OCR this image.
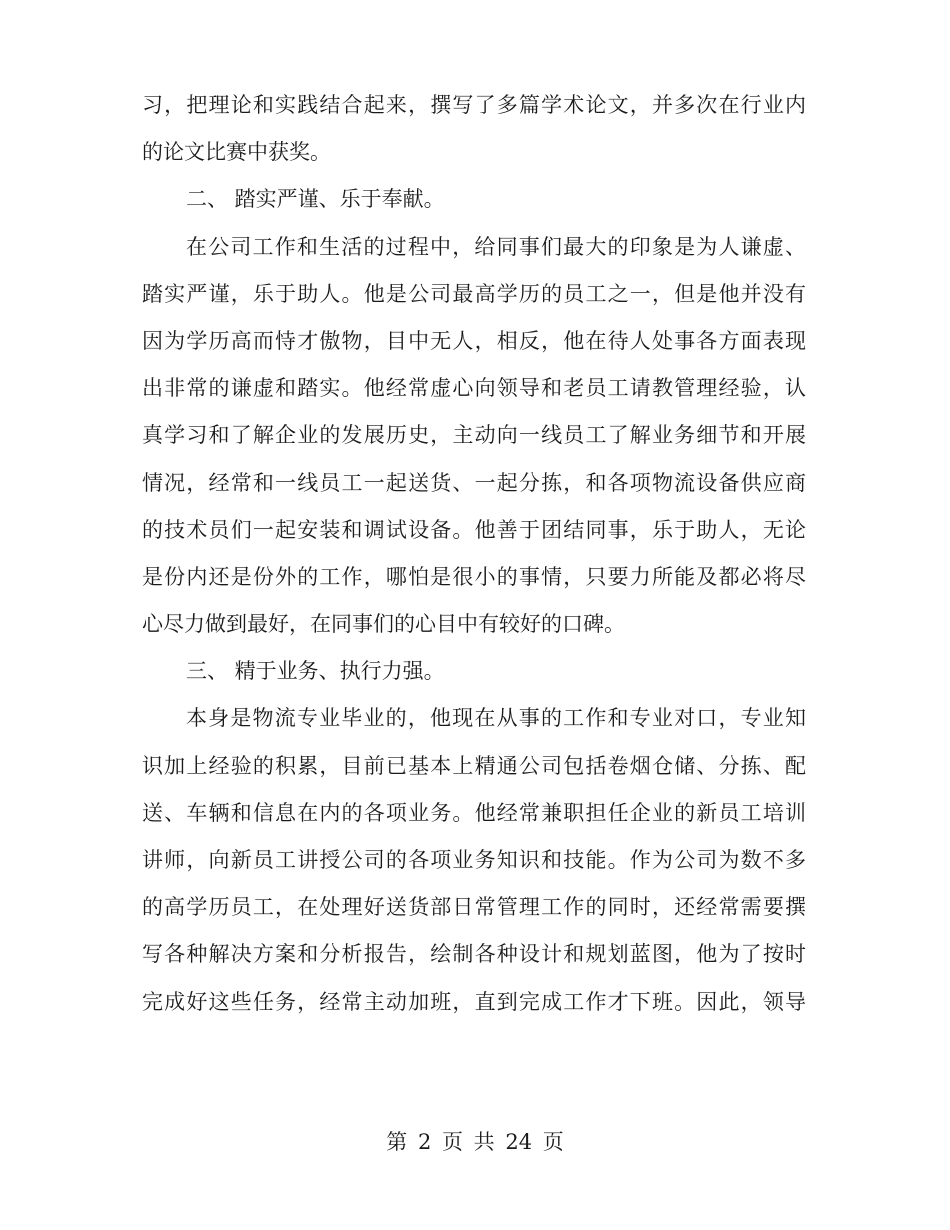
习，把理论和实践结合起来，撰写了多篇学术论文，并多次在行业内
的论文比赛中获奖。
二、 踏实严谨、乐于奉献。
在公司工作和生活的过程中，给同事们最大的印象是为人谦虚、
踏实严谨，乐于助人。他是公司最高学历的员工之一，但是他并没有
因为学历高而恃才傲物，目中无人，相反，他在待人处事各方面表现
出非常的谦虚和踏实。他经常虚心向领导和老员工请教管理经验，认
真学习和了解企业的发展历史，主动向一线员工了解业务细节和开展
情况，经常和一线员工一起送货、一起分拣，和各项物流设备供应商
的技术员们一起安装和调试设备。他善于团结同事，乐于助人，无论
是份内还是份外的工作，哪怕是很小的事情，只要力所能及都必将尽
心尽力做到最好，在同事们的心目中有较好的口碑。
三、 精于业务、执行力强。
本身是物流专业毕业的，他现在从事的工作和专业对口，专业知
识加上经验的积累，目前已基本上精通公司包括卷烟仓储、分拣、配
送、车辆和信息在内的各项业务。他经常兼职担任企业的新员工培训
讲师，向新员工讲授公司的各项业务知识和技能。作为公司为数不多
的高学历员工，在处理好送货部日常管理工作的同时，还经常需要撰
写各种解决方案和分析报告，绘制各种设计和规划蓝图，他为了按时
完成好这些任务，经常主动加班，直到完成工作才下班。因此，领导
第 2 页 共 24 页
